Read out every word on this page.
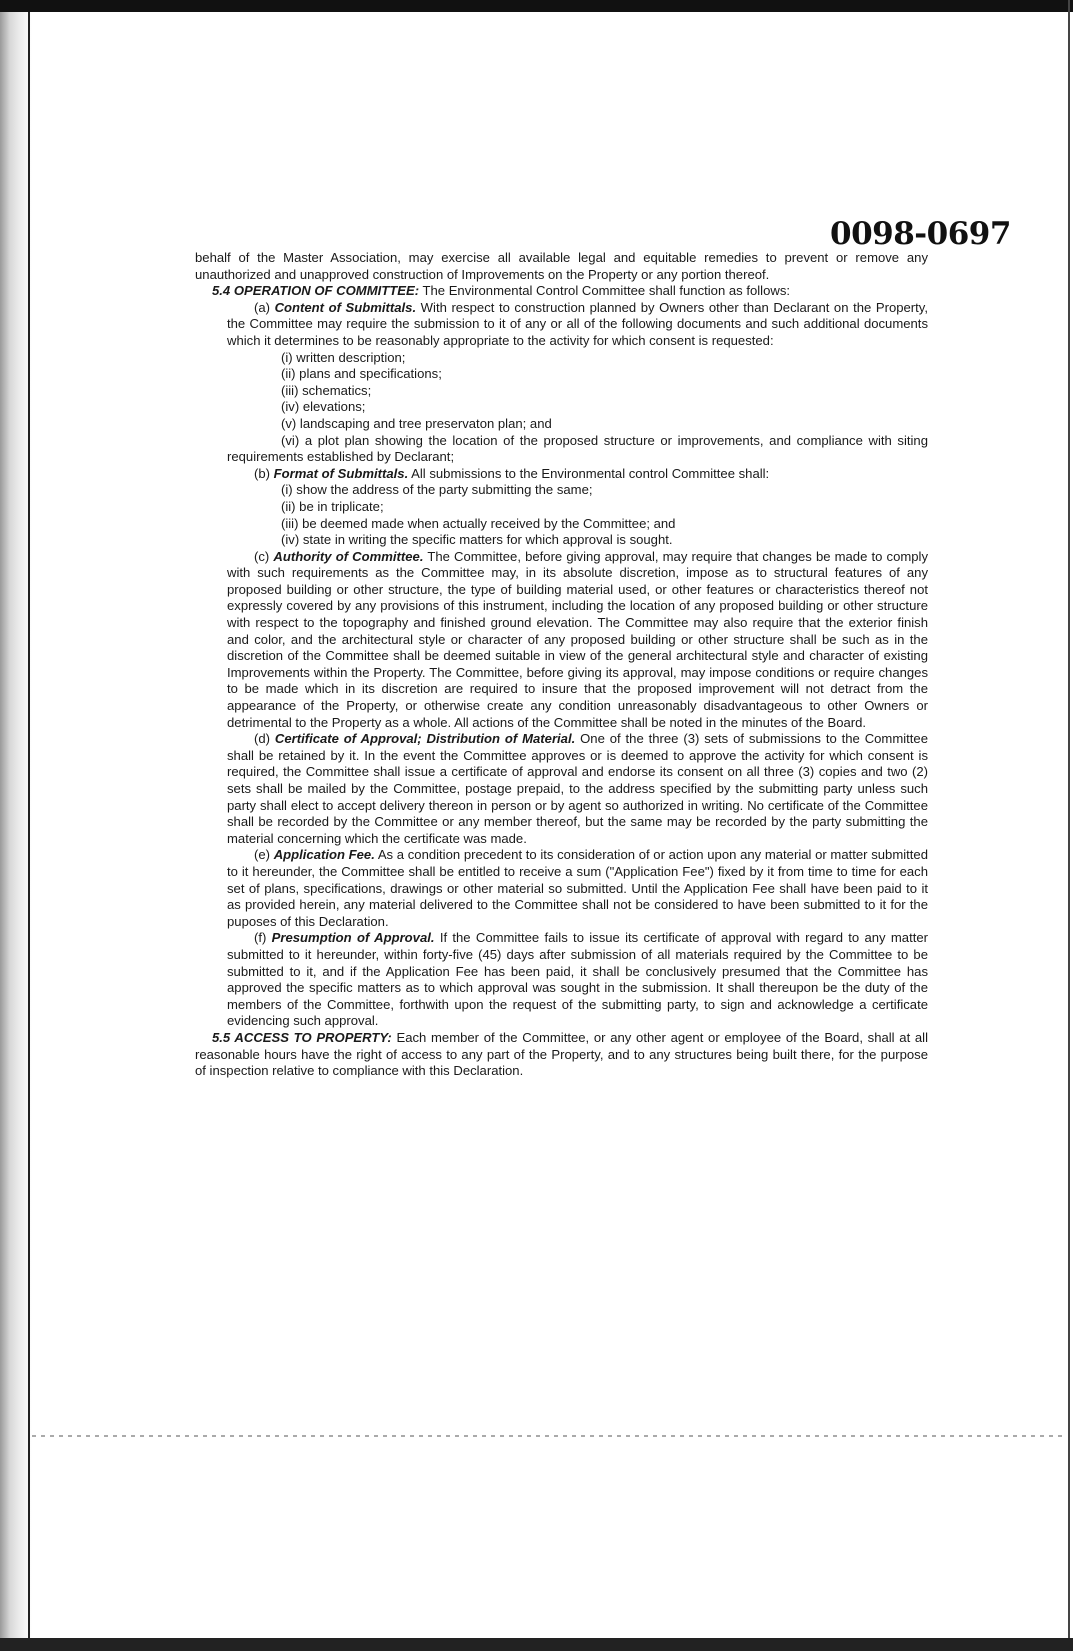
0098-0697

behalf of the Master Association, may exercise all available legal and equitable remedies to prevent or remove any unauthorized and unapproved construction of Improvements on the Property or any portion thereof.

5.4 OPERATION OF COMMITTEE: The Environmental Control Committee shall function as follows:

(a) Content of Submittals. With respect to construction planned by Owners other than Declarant on the Property, the Committee may require the submission to it of any or all of the following documents and such additional documents which it determines to be reasonably appropriate to the activity for which consent is requested:

(i) written description;

(ii) plans and specifications;

(iii) schematics;

(iv) elevations;

(v) landscaping and tree preservaton plan; and

(vi) a plot plan showing the location of the proposed structure or improvements, and compliance with siting requirements established by Declarant;

(b) Format of Submittals. All submissions to the Environmental control Committee shall:

(i) show the address of the party submitting the same;

(ii) be in triplicate;

(iii) be deemed made when actually received by the Committee; and

(iv) state in writing the specific matters for which approval is sought.

(c) Authority of Committee. The Committee, before giving approval, may require that changes be made to comply with such requirements as the Committee may, in its absolute discretion, impose as to structural features of any proposed building or other structure, the type of building material used, or other features or characteristics thereof not expressly covered by any provisions of this instrument, including the location of any proposed building or other structure with respect to the topography and finished ground elevation. The Committee may also require that the exterior finish and color, and the architectural style or character of any proposed building or other structure shall be such as in the discretion of the Committee shall be deemed suitable in view of the general architectural style and character of existing Improvements within the Property. The Committee, before giving its approval, may impose conditions or require changes to be made which in its discretion are required to insure that the proposed improvement will not detract from the appearance of the Property, or otherwise create any condition unreasonably disadvantageous to other Owners or detrimental to the Property as a whole. All actions of the Committee shall be noted in the minutes of the Board.

(d) Certificate of Approval; Distribution of Material. One of the three (3) sets of submissions to the Committee shall be retained by it. In the event the Committee approves or is deemed to approve the activity for which consent is required, the Committee shall issue a certificate of approval and endorse its consent on all three (3) copies and two (2) sets shall be mailed by the Committee, postage prepaid, to the address specified by the submitting party unless such party shall elect to accept delivery thereon in person or by agent so authorized in writing. No certificate of the Committee shall be recorded by the Committee or any member thereof, but the same may be recorded by the party submitting the material concerning which the certificate was made.

(e) Application Fee. As a condition precedent to its consideration of or action upon any material or matter submitted to it hereunder, the Committee shall be entitled to receive a sum ("Application Fee") fixed by it from time to time for each set of plans, specifications, drawings or other material so submitted. Until the Application Fee shall have been paid to it as provided herein, any material delivered to the Committee shall not be considered to have been submitted to it for the puposes of this Declaration.

(f) Presumption of Approval. If the Committee fails to issue its certificate of approval with regard to any matter submitted to it hereunder, within forty-five (45) days after submission of all materials required by the Committee to be submitted to it, and if the Application Fee has been paid, it shall be conclusively presumed that the Committee has approved the specific matters as to which approval was sought in the submission. It shall thereupon be the duty of the members of the Committee, forthwith upon the request of the submitting party, to sign and acknowledge a certificate evidencing such approval.

5.5 ACCESS TO PROPERTY: Each member of the Committee, or any other agent or employee of the Board, shall at all reasonable hours have the right of access to any part of the Property, and to any structures being built there, for the purpose of inspection relative to compliance with this Declaration.
